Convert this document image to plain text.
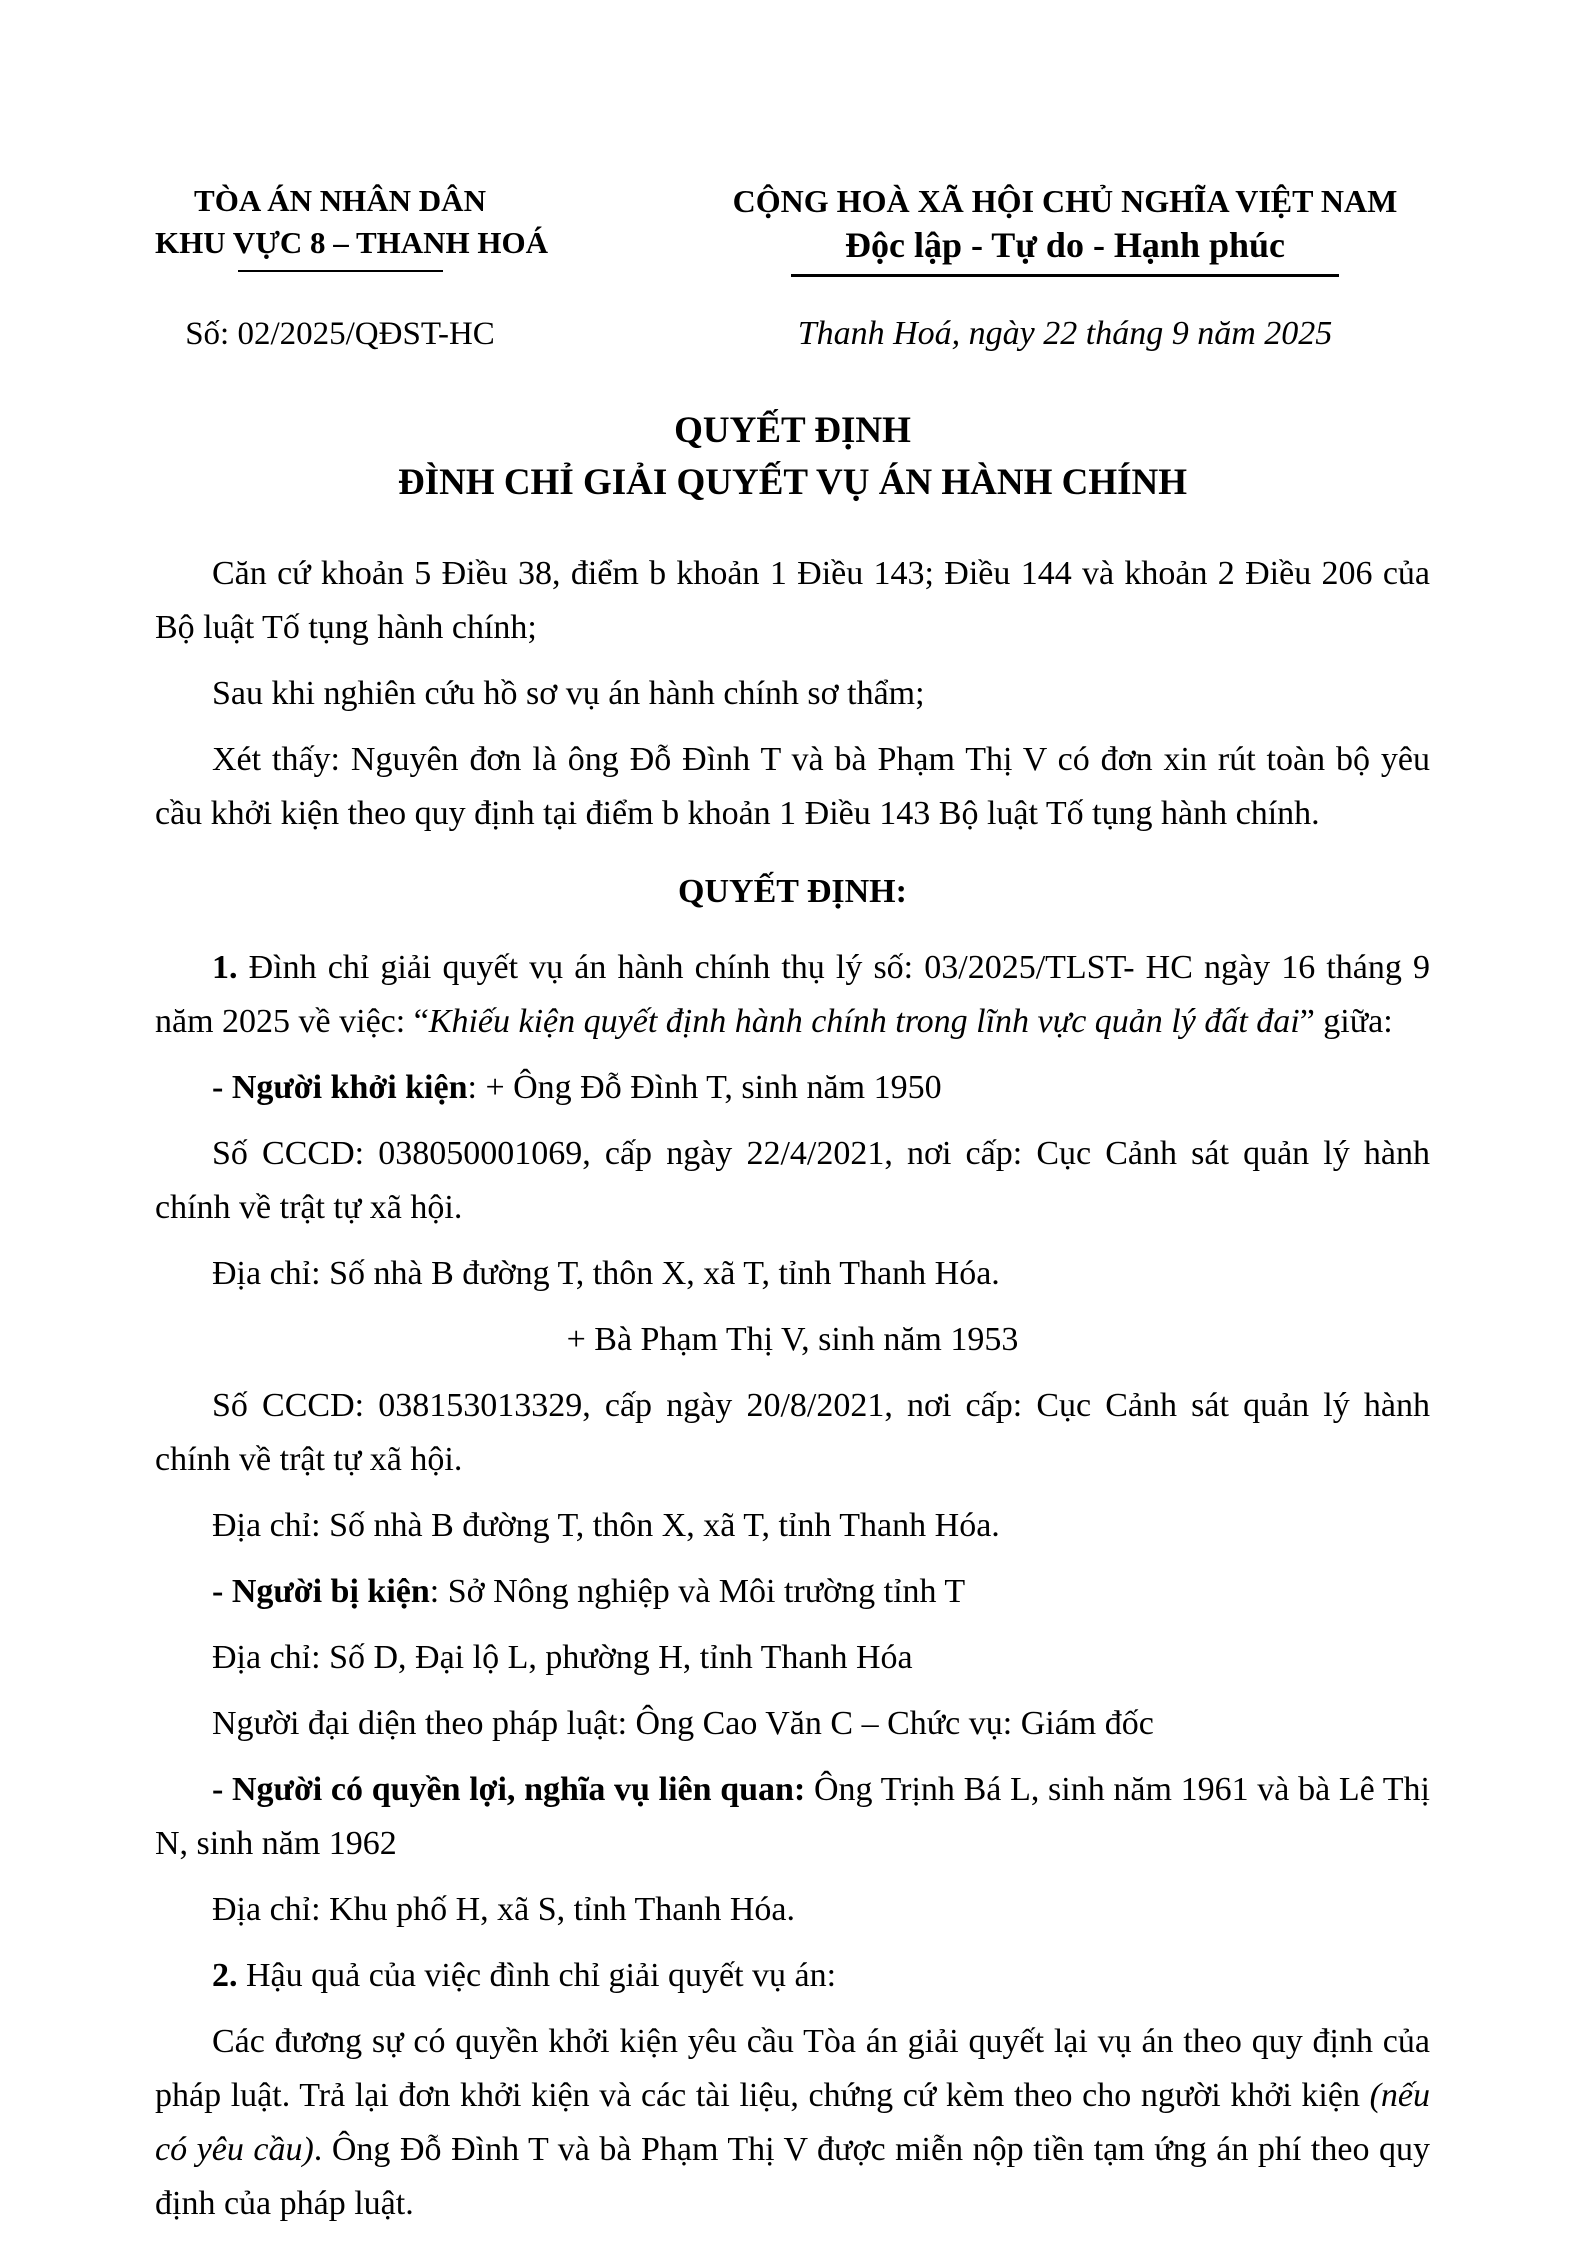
TÒA ÁN NHÂN DÂN
KHU VỰC 8 – THANH HOÁ
Số: 02/2025/QĐST-HC
CỘNG HOÀ XÃ HỘI CHỦ NGHĨA VIỆT NAM
Độc lập - Tự do - Hạnh phúc
Thanh Hoá, ngày 22 tháng 9 năm 2025
QUYẾT ĐỊNH
ĐÌNH CHỈ GIẢI QUYẾT VỤ ÁN HÀNH CHÍNH

Căn cứ khoản 5 Điều 38, điểm b khoản 1 Điều 143; Điều 144 và khoản 2 Điều 206 của Bộ luật Tố tụng hành chính;

Sau khi nghiên cứu hồ sơ vụ án hành chính sơ thẩm;

Xét thấy: Nguyên đơn là ông Đỗ Đình T và bà Phạm Thị V có đơn xin rút toàn bộ yêu cầu khởi kiện theo quy định tại điểm b khoản 1 Điều 143 Bộ luật Tố tụng hành chính.

QUYẾT ĐỊNH:

1. Đình chỉ giải quyết vụ án hành chính thụ lý số: 03/2025/TLST- HC ngày 16 tháng 9 năm 2025 về việc: “Khiếu kiện quyết định hành chính trong lĩnh vực quản lý đất đai” giữa:

- Người khởi kiện: + Ông Đỗ Đình T, sinh năm 1950

Số CCCD: 038050001069, cấp ngày 22/4/2021, nơi cấp: Cục Cảnh sát quản lý hành chính về trật tự xã hội.

Địa chỉ: Số nhà B đường T, thôn X, xã T, tỉnh Thanh Hóa.

+ Bà Phạm Thị V, sinh năm 1953

Số CCCD: 038153013329, cấp ngày 20/8/2021, nơi cấp: Cục Cảnh sát quản lý hành chính về trật tự xã hội.

Địa chỉ: Số nhà B đường T, thôn X, xã T, tỉnh Thanh Hóa.

- Người bị kiện: Sở Nông nghiệp và Môi trường tỉnh T

Địa chỉ: Số D, Đại lộ L, phường H, tỉnh Thanh Hóa

Người đại diện theo pháp luật: Ông Cao Văn C – Chức vụ: Giám đốc

- Người có quyền lợi, nghĩa vụ liên quan: Ông Trịnh Bá L, sinh năm 1961 và bà Lê Thị N, sinh năm 1962

Địa chỉ: Khu phố H, xã S, tỉnh Thanh Hóa.

2. Hậu quả của việc đình chỉ giải quyết vụ án:

Các đương sự có quyền khởi kiện yêu cầu Tòa án giải quyết lại vụ án theo quy định của pháp luật. Trả lại đơn khởi kiện và các tài liệu, chứng cứ kèm theo cho người khởi kiện (nếu có yêu cầu). Ông Đỗ Đình T và bà Phạm Thị V được miễn nộp tiền tạm ứng án phí theo quy định của pháp luật.
